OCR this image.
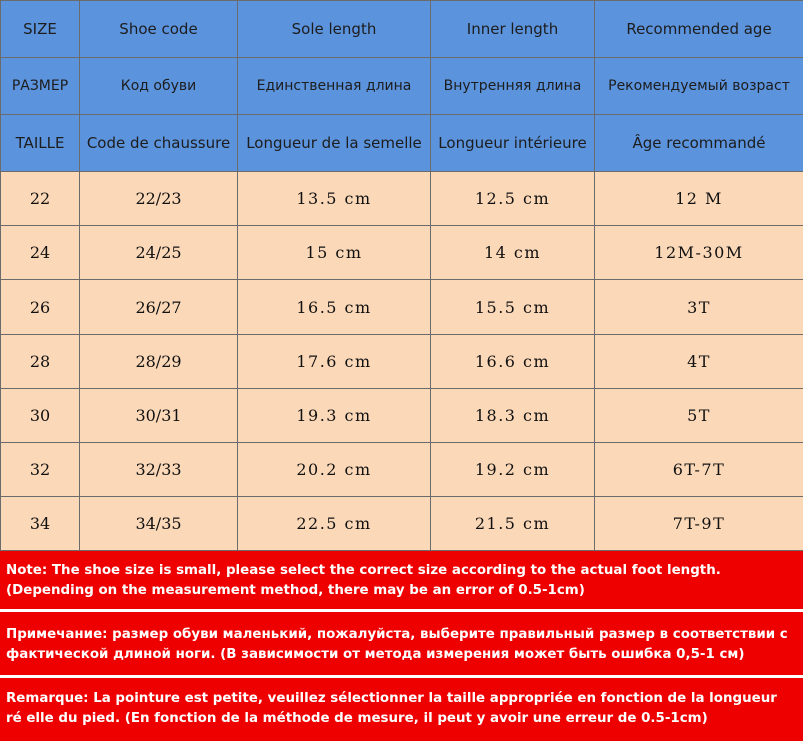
SIZE	Shoe code	Sole length	Inner length	Recommended age
РАЗМЕР	Код обуви	Единственная длина	Внутренняя длина	Рекомендуемый возраст
TAILLE	Code de chaussure	Longueur de la semelle	Longueur intérieure	Âge recommandé
22	22/23	13.5 cm	12.5 cm	12 M
24	24/25	15 cm	14 cm	12M-30M
26	26/27	16.5 cm	15.5 cm	3T
28	28/29	17.6 cm	16.6 cm	4T
30	30/31	19.3 cm	18.3 cm	5T
32	32/33	20.2 cm	19.2 cm	6T-7T
34	34/35	22.5 cm	21.5 cm	7T-9T
Note: The shoe size is small, please select the correct size according to the actual foot length. (Depending on the measurement method, there may be an error of 0.5-1cm)
Примечание: размер обуви маленький, пожалуйста, выберите правильный размер в соответствии с фактической длиной ноги. (В зависимости от метода измерения может быть ошибка 0,5-1 см)
Remarque: La pointure est petite, veuillez sélectionner la taille appropriée en fonction de la longueur ré elle du pied. (En fonction de la méthode de mesure, il peut y avoir une erreur de 0.5-1cm)
